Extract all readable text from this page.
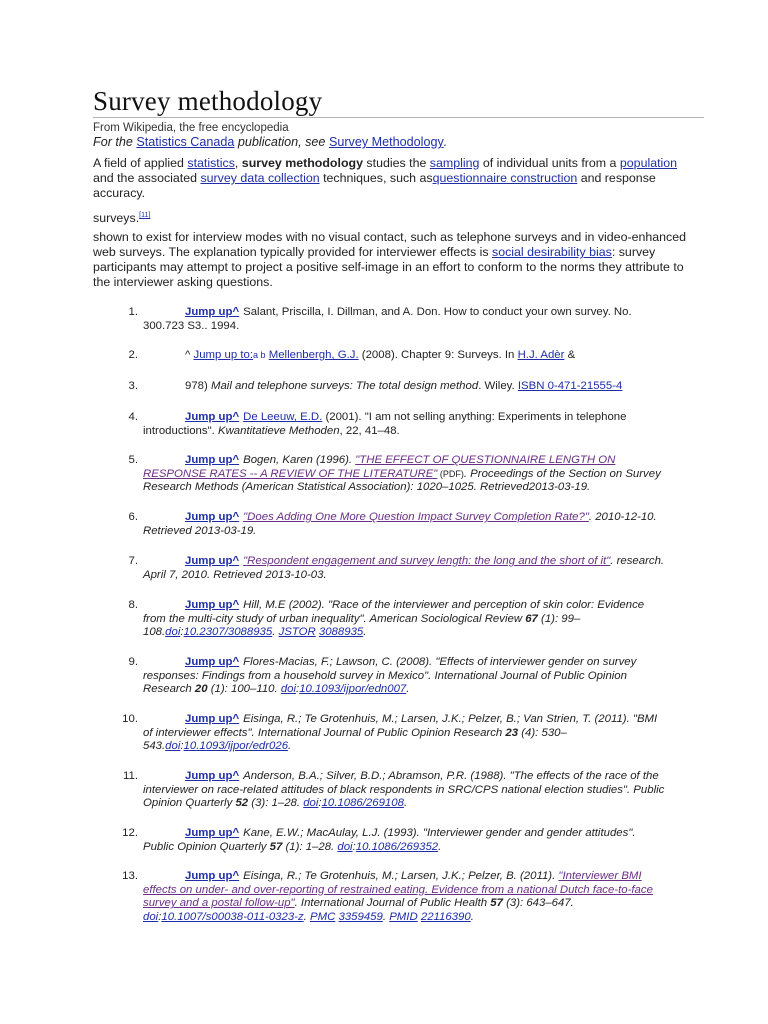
Survey methodology
From Wikipedia, the free encyclopedia
For the Statistics Canada publication, see Survey Methodology.
A field of applied statistics, survey methodology studies the sampling of individual units from a population and the associated survey data collection techniques, such asquestionnaire construction and response accuracy.
surveys.[11]
shown to exist for interview modes with no visual contact, such as telephone surveys and in video-enhanced web surveys. The explanation typically provided for interviewer effects is social desirability bias: survey participants may attempt to project a positive self-image in an effort to conform to the norms they attribute to the interviewer asking questions.
1.	Jump up^ Salant, Priscilla, I. Dillman, and A. Don. How to conduct your own survey. No. 300.723 S3.. 1994.
2.	^ Jump up to:a b Mellenbergh, G.J. (2008). Chapter 9: Surveys. In H.J. Adèr &
3.	978) Mail and telephone surveys: The total design method. Wiley. ISBN 0-471-21555-4
4.	Jump up^ De Leeuw, E.D. (2001). "I am not selling anything: Experiments in telephone introductions". Kwantitatieve Methoden, 22, 41–48.
5.	Jump up^ Bogen, Karen (1996). "THE EFFECT OF QUESTIONNAIRE LENGTH ON RESPONSE RATES -- A REVIEW OF THE LITERATURE" (PDF). Proceedings of the Section on Survey Research Methods (American Statistical Association): 1020–1025. Retrieved2013-03-19.
6.	Jump up^ "Does Adding One More Question Impact Survey Completion Rate?". 2010-12-10. Retrieved 2013-03-19.
7.	Jump up^ "Respondent engagement and survey length: the long and the short of it". research. April 7, 2010. Retrieved 2013-10-03.
8.	Jump up^ Hill, M.E (2002). "Race of the interviewer and perception of skin color: Evidence from the multi-city study of urban inequality". American Sociological Review 67 (1): 99–108.doi:10.2307/3088935. JSTOR 3088935.
9.	Jump up^ Flores-Macias, F.; Lawson, C. (2008). "Effects of interviewer gender on survey responses: Findings from a household survey in Mexico". International Journal of Public Opinion Research 20 (1): 100–110. doi:10.1093/ijpor/edn007.
10.	Jump up^ Eisinga, R.; Te Grotenhuis, M.; Larsen, J.K.; Pelzer, B.; Van Strien, T. (2011). "BMI of interviewer effects". International Journal of Public Opinion Research 23 (4): 530–543.doi:10.1093/ijpor/edr026.
11.	Jump up^ Anderson, B.A.; Silver, B.D.; Abramson, P.R. (1988). "The effects of the race of the interviewer on race-related attitudes of black respondents in SRC/CPS national election studies". Public Opinion Quarterly 52 (3): 1–28. doi:10.1086/269108.
12.	Jump up^ Kane, E.W.; MacAulay, L.J. (1993). "Interviewer gender and gender attitudes". Public Opinion Quarterly 57 (1): 1–28. doi:10.1086/269352.
13.	Jump up^ Eisinga, R.; Te Grotenhuis, M.; Larsen, J.K.; Pelzer, B. (2011). "Interviewer BMI effects on under- and over-reporting of restrained eating. Evidence from a national Dutch face-to-face survey and a postal follow-up". International Journal of Public Health 57 (3): 643–647. doi:10.1007/s00038-011-0323-z. PMC 3359459. PMID 22116390.
